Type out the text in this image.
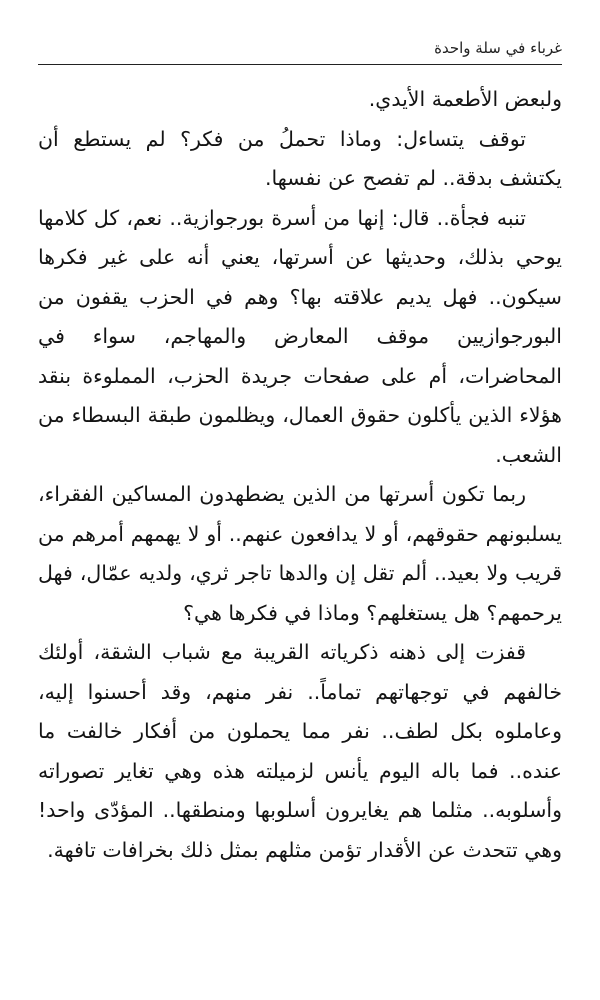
غرباء في سلة واحدة

ولبعض الأطعمة الأيدي.

توقف يتساءل: وماذا تحملُ من فكر؟ لم يستطع أن يكتشف بدقة.. لم تفصح عن نفسها.

تنبه فجأة.. قال: إنها من أسرة بورجوازية.. نعم، كل كلامها يوحي بذلك، وحديثها عن أسرتها، يعني أنه على غير فكرها سيكون.. فهل يديم علاقته بها؟ وهم في الحزب يقفون من البورجوازيين موقف المعارض والمهاجم، سواء في المحاضرات، أم على صفحات جريدة الحزب، المملوءة بنقد هؤلاء الذين يأكلون حقوق العمال، ويظلمون طبقة البسطاء من الشعب.

ربما تكون أسرتها من الذين يضطهدون المساكين الفقراء، يسلبونهم حقوقهم، أو لا يدافعون عنهم.. أو لا يهمهم أمرهم من قريب ولا بعيد.. ألم تقل إن والدها تاجر ثري، ولديه عمّال، فهل يرحمهم؟ هل يستغلهم؟ وماذا في فكرها هي؟

قفزت إلى ذهنه ذكرياته القريبة مع شباب الشقة، أولئك خالفهم في توجهاتهم تماماً.. نفر منهم، وقد أحسنوا إليه، وعاملوه بكل لطف.. نفر مما يحملون من أفكار خالفت ما عنده.. فما باله اليوم يأنس لزميلته هذه وهي تغاير تصوراته وأسلوبه.. مثلما هم يغايرون أسلوبها ومنطقها.. المؤدّى واحد! وهي تتحدث عن الأقدار تؤمن مثلهم بمثل ذلك بخرافات تافهة.
